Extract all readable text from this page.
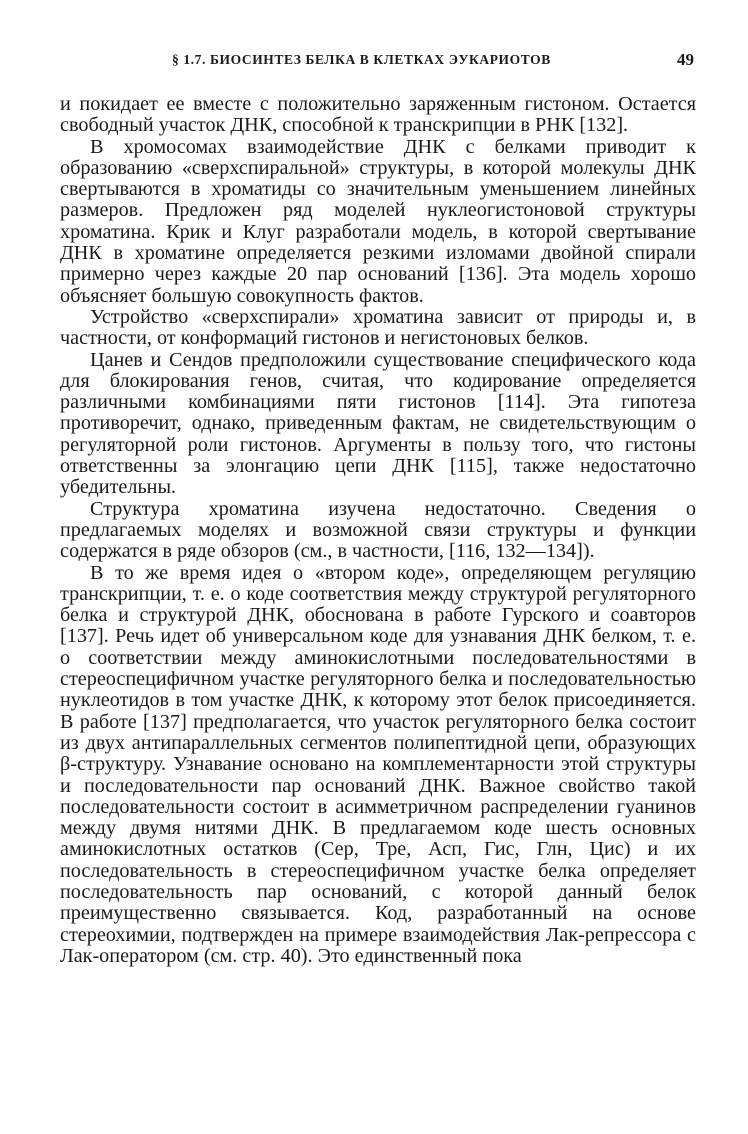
§ 1.7. БИОСИНТЕЗ БЕЛКА В КЛЕТКАХ ЭУКАРИОТОВ	49

и покидает ее вместе с положительно заряженным гистоном. Остается свободный участок ДНК, способной к транскрипции в РНК [132].

В хромосомах взаимодействие ДНК с белками приводит к образованию «сверхспиральной» структуры, в которой молекулы ДНК свертываются в хроматиды со значительным уменьшением линейных размеров. Предложен ряд моделей нуклеогистоновой структуры хроматина. Крик и Клуг разработали модель, в которой свертывание ДНК в хроматине определяется резкими изломами двойной спирали примерно через каждые 20 пар оснований [136]. Эта модель хорошо объясняет большую совокупность фактов.

Устройство «сверхспирали» хроматина зависит от природы и, в частности, от конформаций гистонов и негистоновых белков.

Цанев и Сендов предположили существование специфического кода для блокирования генов, считая, что кодирование определяется различными комбинациями пяти гистонов [114]. Эта гипотеза противоречит, однако, приведенным фактам, не свидетельствующим о регуляторной роли гистонов. Аргументы в пользу того, что гистоны ответственны за элонгацию цепи ДНК [115], также недостаточно убедительны.

Структура хроматина изучена недостаточно. Сведения о предлагаемых моделях и возможной связи структуры и функции содержатся в ряде обзоров (см., в частности, [116, 132—134]).

В то же время идея о «втором коде», определяющем регуляцию транскрипции, т. е. о коде соответствия между структурой регуляторного белка и структурой ДНК, обоснована в работе Гурского и соавторов [137]. Речь идет об универсальном коде для узнавания ДНК белком, т. е. о соответствии между аминокислотными последовательностями в стереоспецифичном участке регуляторного белка и последовательностью нуклеотидов в том участке ДНК, к которому этот белок присоединяется. В работе [137] предполагается, что участок регуляторного белка состоит из двух антипараллельных сегментов полипептидной цепи, образующих β-структуру. Узнавание основано на комплементарности этой структуры и последовательности пар оснований ДНК. Важное свойство такой последовательности состоит в асимметричном распределении гуанинов между двумя нитями ДНК. В предлагаемом коде шесть основных аминокислотных остатков (Сер, Тре, Асп, Гис, Глн, Цис) и их последовательность в стереоспецифичном участке белка определяет последовательность пар оснований, с которой данный белок преимущественно связывается. Код, разработанный на основе стереохимии, подтвержден на примере взаимодействия Лак-репрессора с Лак-оператором (см. стр. 40). Это единственный пока
